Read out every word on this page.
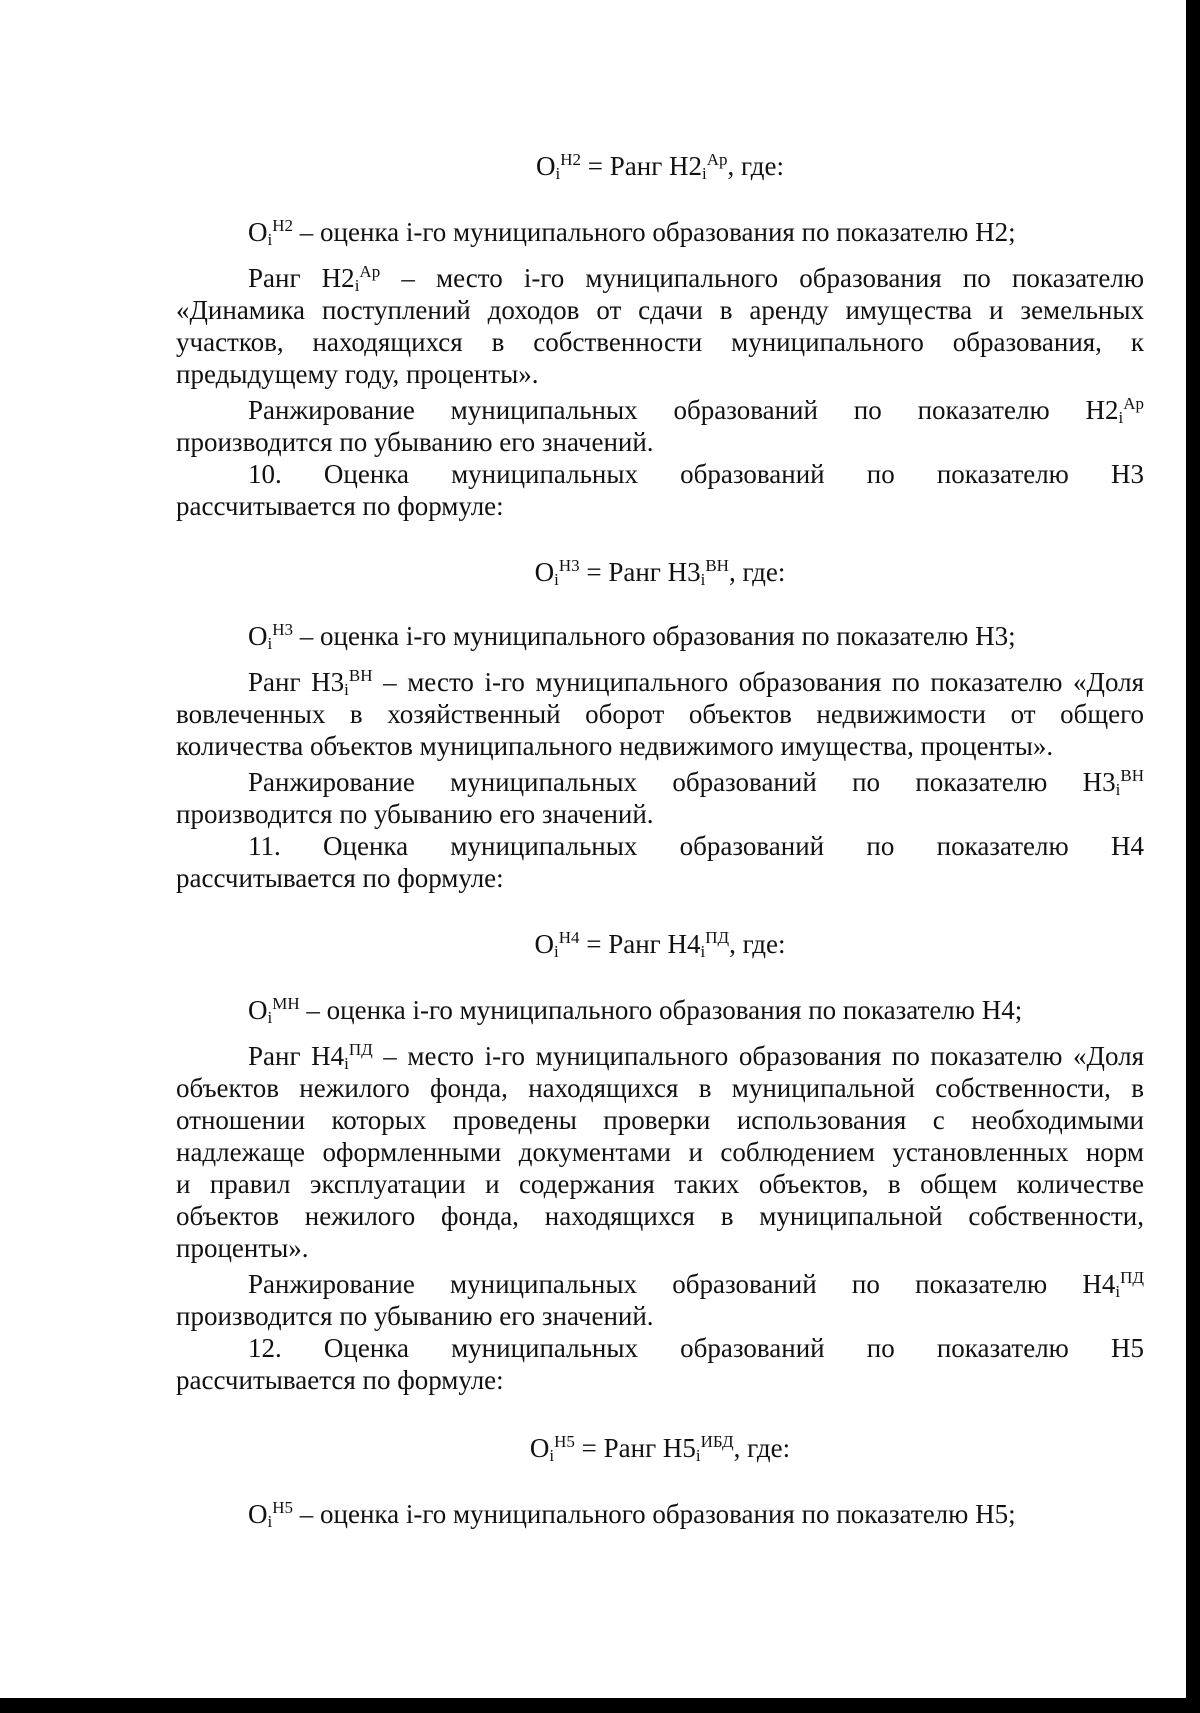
$O_i^{H2}$ = Ранг $H2_i^{Ар}$, где:
$O_i^{H2}$ – оценка i-го муниципального образования по показателю H2;
Ранг $H2_i^{Ар}$ – место i-го муниципального образования по показателю
«Динамика поступлений доходов от сдачи в аренду имущества и земельных
участков, находящихся в собственности муниципального образования, к
предыдущему году, проценты».
Ранжирование муниципальных образований по показателю $H2_i^{Ар}$
производится по убыванию его значений.
10. Оценка муниципальных образований по показателю H3
рассчитывается по формуле:
$O_i^{H3}$ = Ранг $H3_i^{ВН}$, где:
$O_i^{H3}$ – оценка i-го муниципального образования по показателю H3;
Ранг $H3_i^{ВН}$ – место i-го муниципального образования по показателю «Доля
вовлеченных в хозяйственный оборот объектов недвижимости от общего
количества объектов муниципального недвижимого имущества, проценты».
Ранжирование муниципальных образований по показателю $H3_i^{ВН}$
производится по убыванию его значений.
11. Оценка муниципальных образований по показателю H4
рассчитывается по формуле:
$O_i^{H4}$ = Ранг $H4_i^{ПД}$, где:
$O_i^{MH}$ – оценка i-го муниципального образования по показателю H4;
Ранг $H4_i^{ПД}$ – место i-го муниципального образования по показателю «Доля
объектов нежилого фонда, находящихся в муниципальной собственности, в
отношении которых проведены проверки использования с необходимыми
надлежаще оформленными документами и соблюдением установленных норм
и правил эксплуатации и содержания таких объектов, в общем количестве
объектов нежилого фонда, находящихся в муниципальной собственности,
проценты».
Ранжирование муниципальных образований по показателю $H4_i^{ПД}$
производится по убыванию его значений.
12. Оценка муниципальных образований по показателю H5
рассчитывается по формуле:
$O_i^{H5}$ = Ранг $H5_i^{ИБД}$, где:
$O_i^{H5}$ – оценка i-го муниципального образования по показателю H5;
